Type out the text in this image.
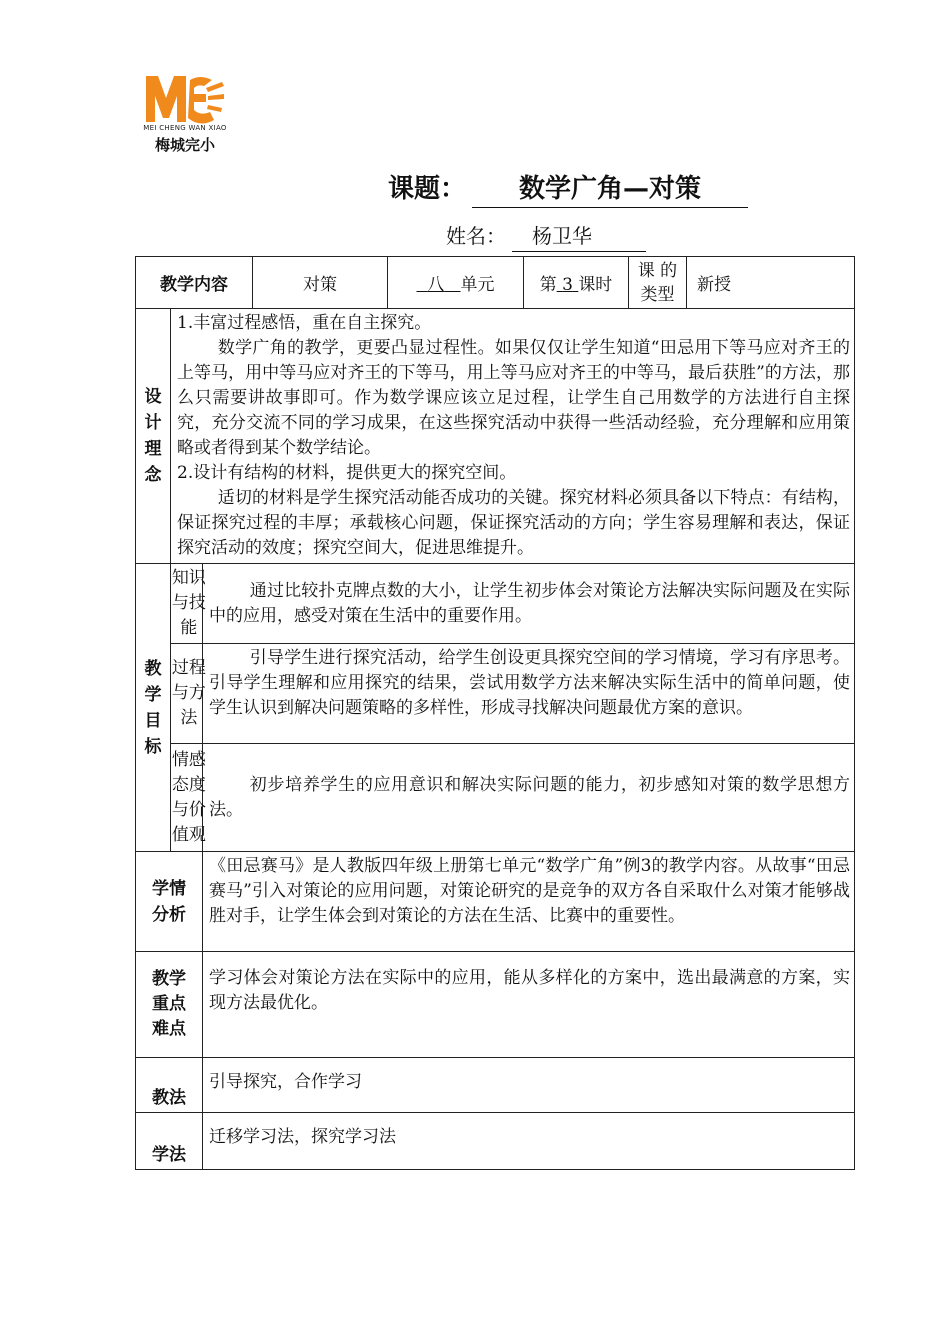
MEI CHENG WAN XIAO
梅城完小
课题：	数学广角—对策
姓名：	杨卫华
教学内容			对策	八 单元	第 3 课时	课 的类型	新授

设计理念	1.丰富过程感悟，重在自主探究。

数学广角的教学，更要凸显过程性。如果仅仅让学生知道“田忌用下等马应对齐王的上等马，用中等马应对齐王的下等马，用上等马应对齐王的中等马，最后获胜”的方法，那么只需要讲故事即可。作为数学课应该立足过程，让学生自己用数学的方法进行自主探究，充分交流不同的学习成果，在这些探究活动中获得一些活动经验，充分理解和应用策略或者得到某个数学结论。

2.设计有结构的材料，提供更大的探究空间。

适切的材料是学生探究活动能否成功的关键。探究材料必须具备以下特点：有结构，保证探究过程的丰厚；承载核心问题，保证探究活动的方向；学生容易理解和表达，保证探究活动的效度；探究空间大，促进思维提升。						

教学目标	知识与技能	通过比较扑克牌点数的大小，让学生初步体会对策论方法解决实际问题及在实际中的应用，感受对策在生活中的重要作用。					

	过程与方法	引导学生进行探究活动，给学生创设更具探究空间的学习情境，学习有序思考。引导学生理解和应用探究的结果，尝试用数学方法来解决实际生活中的简单问题，使学生认识到解决问题策略的多样性，形成寻找解决问题最优方案的意识。					

	情感态度与价值观	初步培养学生的应用意识和解决实际问题的能力，初步感知对策的数学思想方法。					

学情分析		《田忌赛马》是人教版四年级上册第七单元“数学广角”例3的教学内容。从故事“田忌赛马”引入对策论的应用问题，对策论研究的是竞争的双方各自采取什么对策才能够战胜对手，让学生体会到对策论的方法在生活、比赛中的重要性。					

教学重点难点		学习体会对策论方法在实际中的应用，能从多样化的方案中，选出最满意的方案，实现方法最优化。					

教法		引导探究，合作学习					
学法		迁移学习法，探究学习法					
